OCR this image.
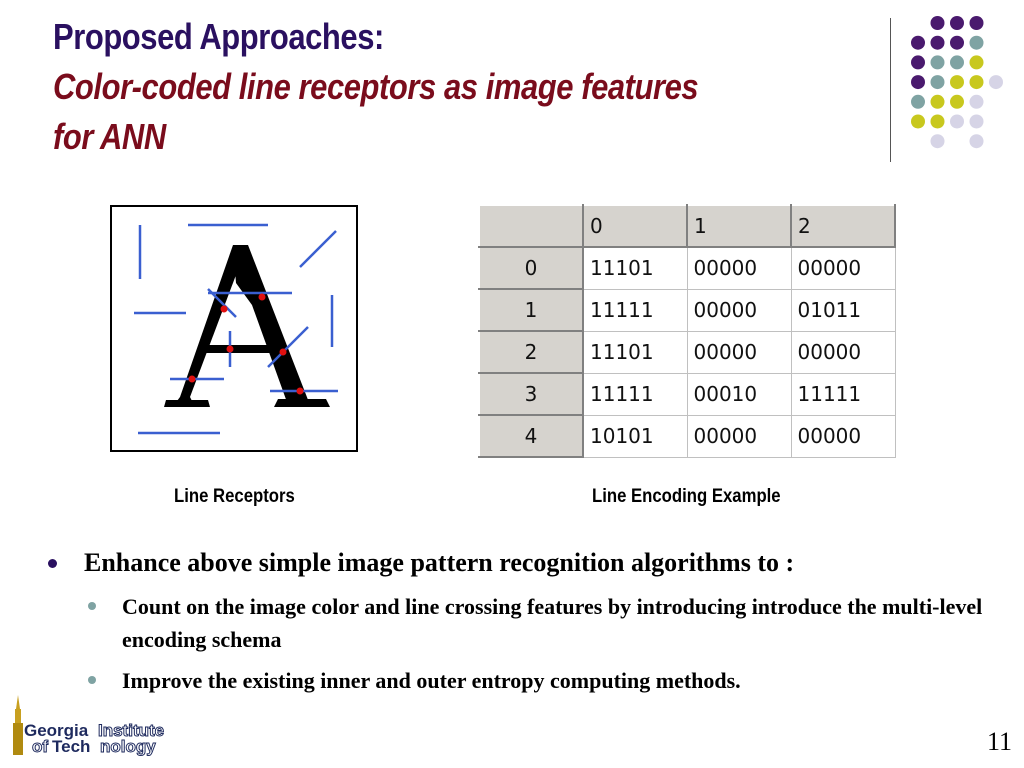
Proposed Approaches:
Color-coded line receptors as image features
for ANN
A
	0	1	2
0	11101	00000	00000
1	11111	00000	01011
2	11101	00000	00000
3	11111	00010	11111
4	10101	00000	00000
Line Receptors	Line Encoding Example
Enhance above simple image pattern recognition algorithms to :
Count on the image color and line crossing features by introducing introduce the multi-level encoding schema
Improve the existing inner and outer entropy computing methods.
Georgia Institute
of Tech nology	11
